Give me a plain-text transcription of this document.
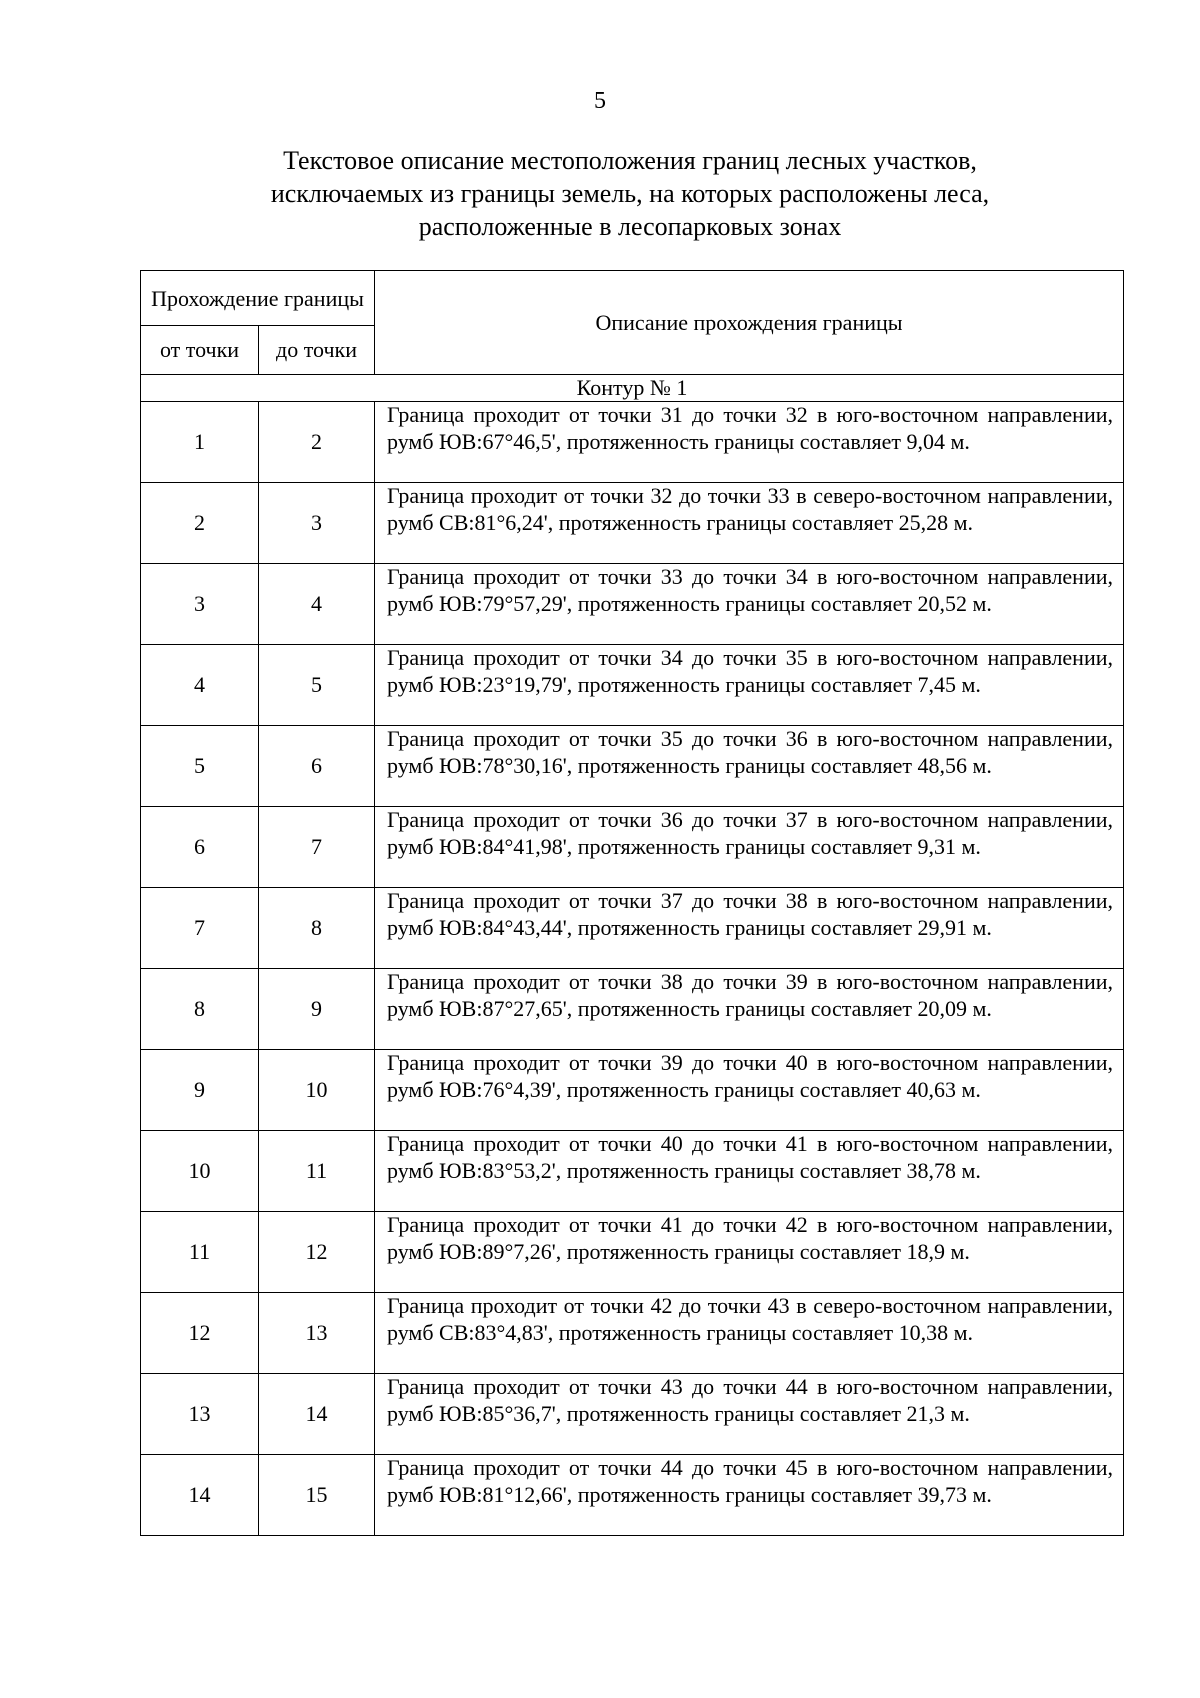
5
Текстовое описание местоположения границ лесных участков,
исключаемых из границы земель, на которых расположены леса,
расположенные в лесопарковых зонах
Прохождение границы		Описание прохождения границы
от точки	до точки	
Контур № 1		
1	2	Граница проходит от точки 31 до точки 32 в юго-восточном направлении, румб ЮВ:67°46,5', протяженность границы составляет 9,04 м.
2	3	Граница проходит от точки 32 до точки 33 в северо-восточном направлении, румб СВ:81°6,24', протяженность границы составляет 25,28 м.
3	4	Граница проходит от точки 33 до точки 34 в юго-восточном направлении, румб ЮВ:79°57,29', протяженность границы составляет 20,52 м.
4	5	Граница проходит от точки 34 до точки 35 в юго-восточном направлении, румб ЮВ:23°19,79', протяженность границы составляет 7,45 м.
5	6	Граница проходит от точки 35 до точки 36 в юго-восточном направлении, румб ЮВ:78°30,16', протяженность границы составляет 48,56 м.
6	7	Граница проходит от точки 36 до точки 37 в юго-восточном направлении, румб ЮВ:84°41,98', протяженность границы составляет 9,31 м.
7	8	Граница проходит от точки 37 до точки 38 в юго-восточном направлении, румб ЮВ:84°43,44', протяженность границы составляет 29,91 м.
8	9	Граница проходит от точки 38 до точки 39 в юго-восточном направлении, румб ЮВ:87°27,65', протяженность границы составляет 20,09 м.
9	10	Граница проходит от точки 39 до точки 40 в юго-восточном направлении, румб ЮВ:76°4,39', протяженность границы составляет 40,63 м.
10	11	Граница проходит от точки 40 до точки 41 в юго-восточном направлении, румб ЮВ:83°53,2', протяженность границы составляет 38,78 м.
11	12	Граница проходит от точки 41 до точки 42 в юго-восточном направлении, румб ЮВ:89°7,26', протяженность границы составляет 18,9 м.
12	13	Граница проходит от точки 42 до точки 43 в северо-восточном направлении, румб СВ:83°4,83', протяженность границы составляет 10,38 м.
13	14	Граница проходит от точки 43 до точки 44 в юго-восточном направлении, румб ЮВ:85°36,7', протяженность границы составляет 21,3 м.
14	15	Граница проходит от точки 44 до точки 45 в юго-восточном направлении, румб ЮВ:81°12,66', протяженность границы составляет 39,73 м.
